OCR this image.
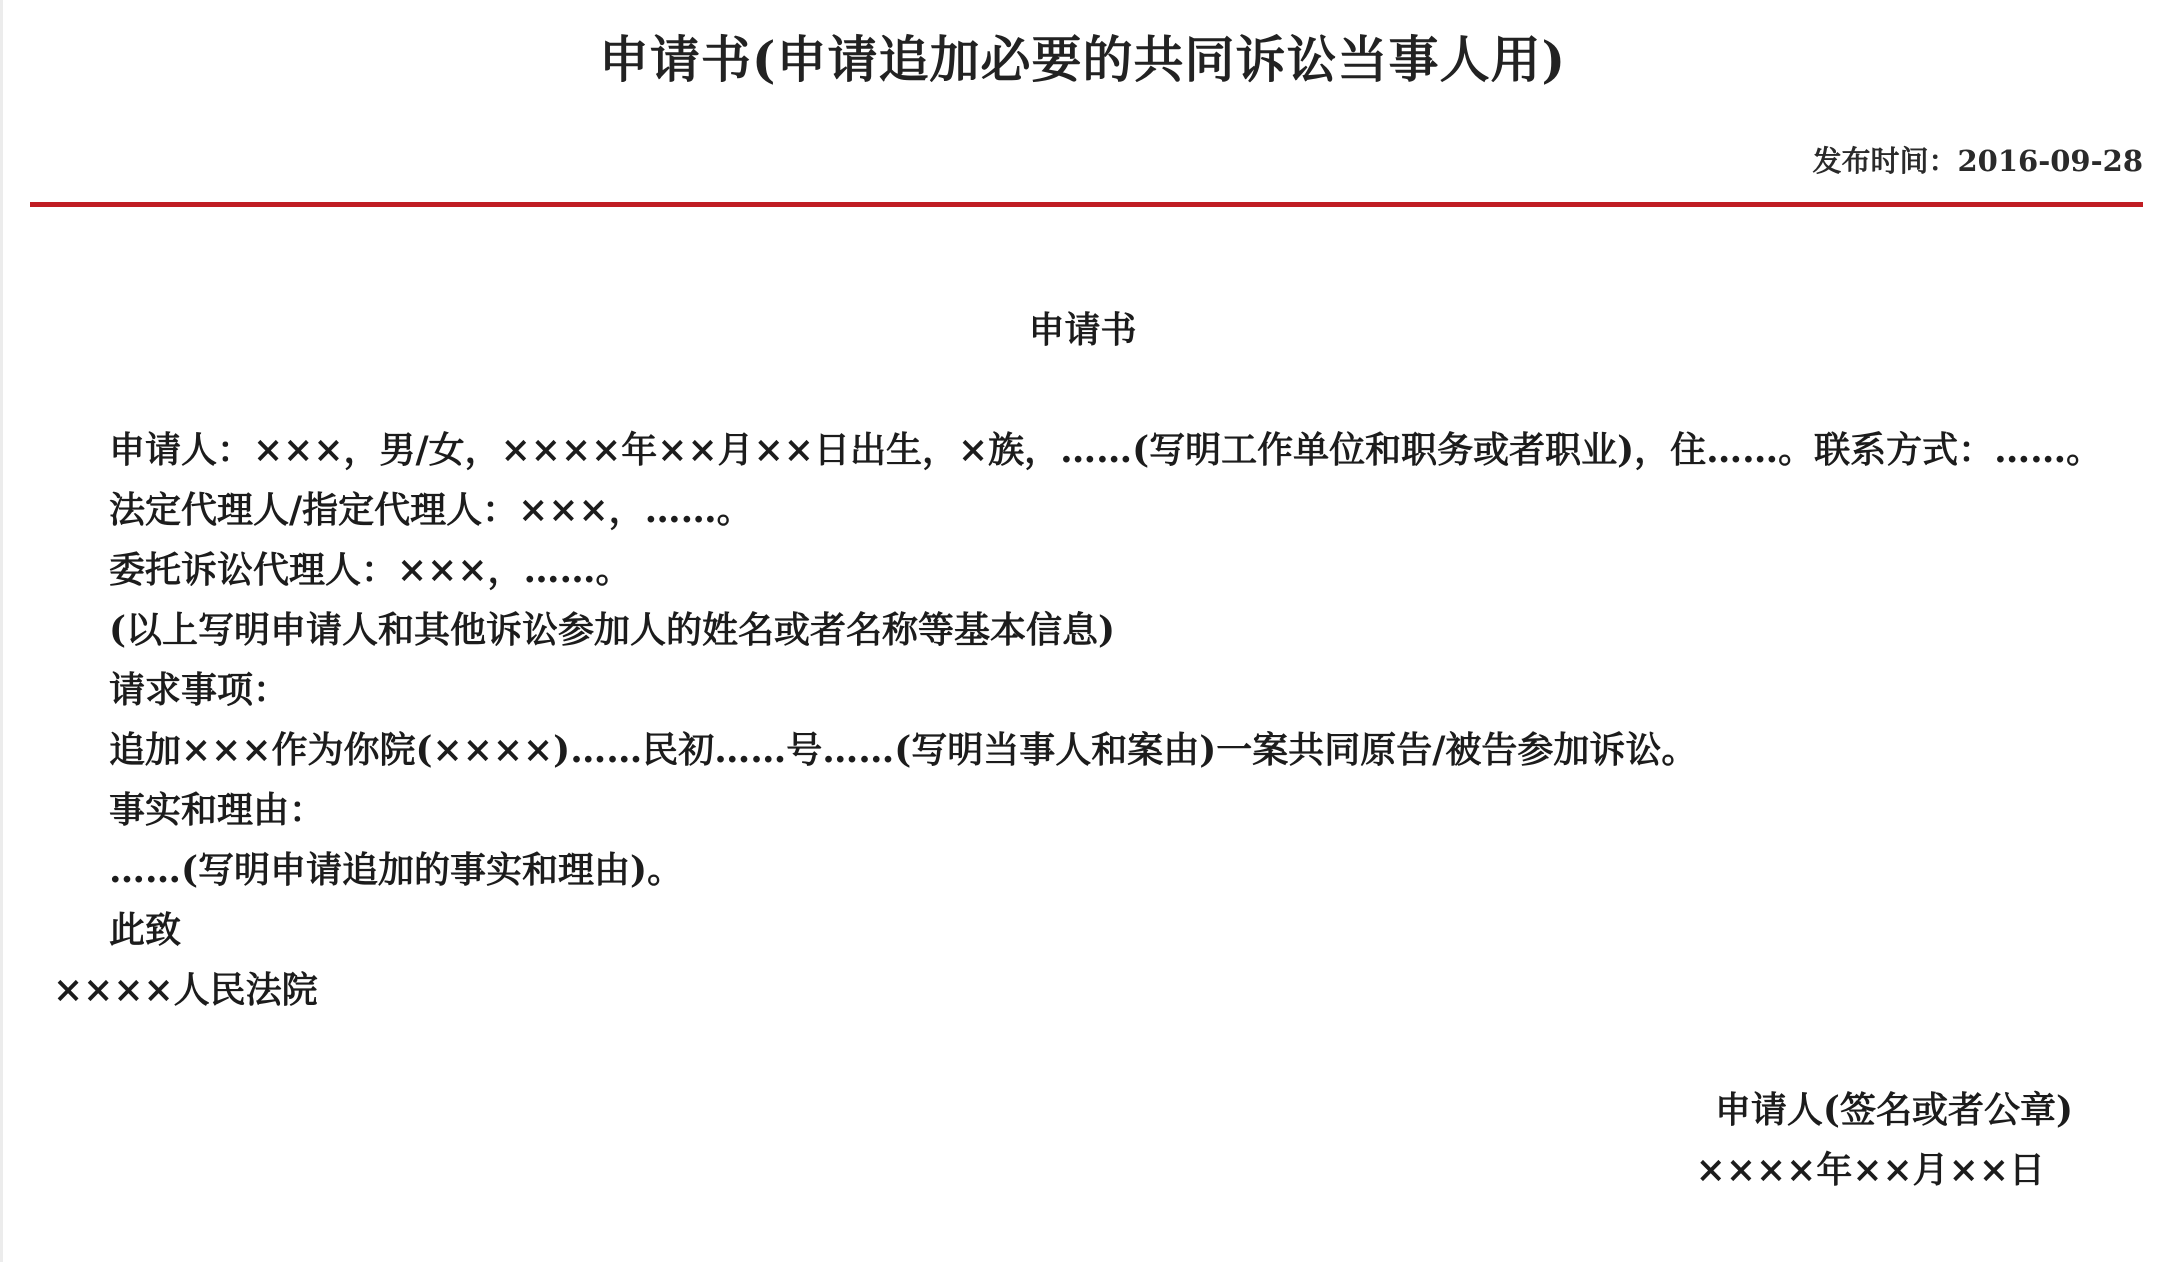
申请书(申请追加必要的共同诉讼当事人用)
发布时间：2016-09-28
申请书
申请人：×××，男/女，××××年××月××日出生，×族，……(写明工作单位和职务或者职业)，住……。联系方式：……。
法定代理人/指定代理人：×××，……。
委托诉讼代理人：×××，……。
(以上写明申请人和其他诉讼参加人的姓名或者名称等基本信息)
请求事项：
追加×××作为你院(××××)……民初……号……(写明当事人和案由)一案共同原告/被告参加诉讼。
事实和理由：
……(写明申请追加的事实和理由)。
此致
××××人民法院
申请人(签名或者公章)
××××年××月××日
